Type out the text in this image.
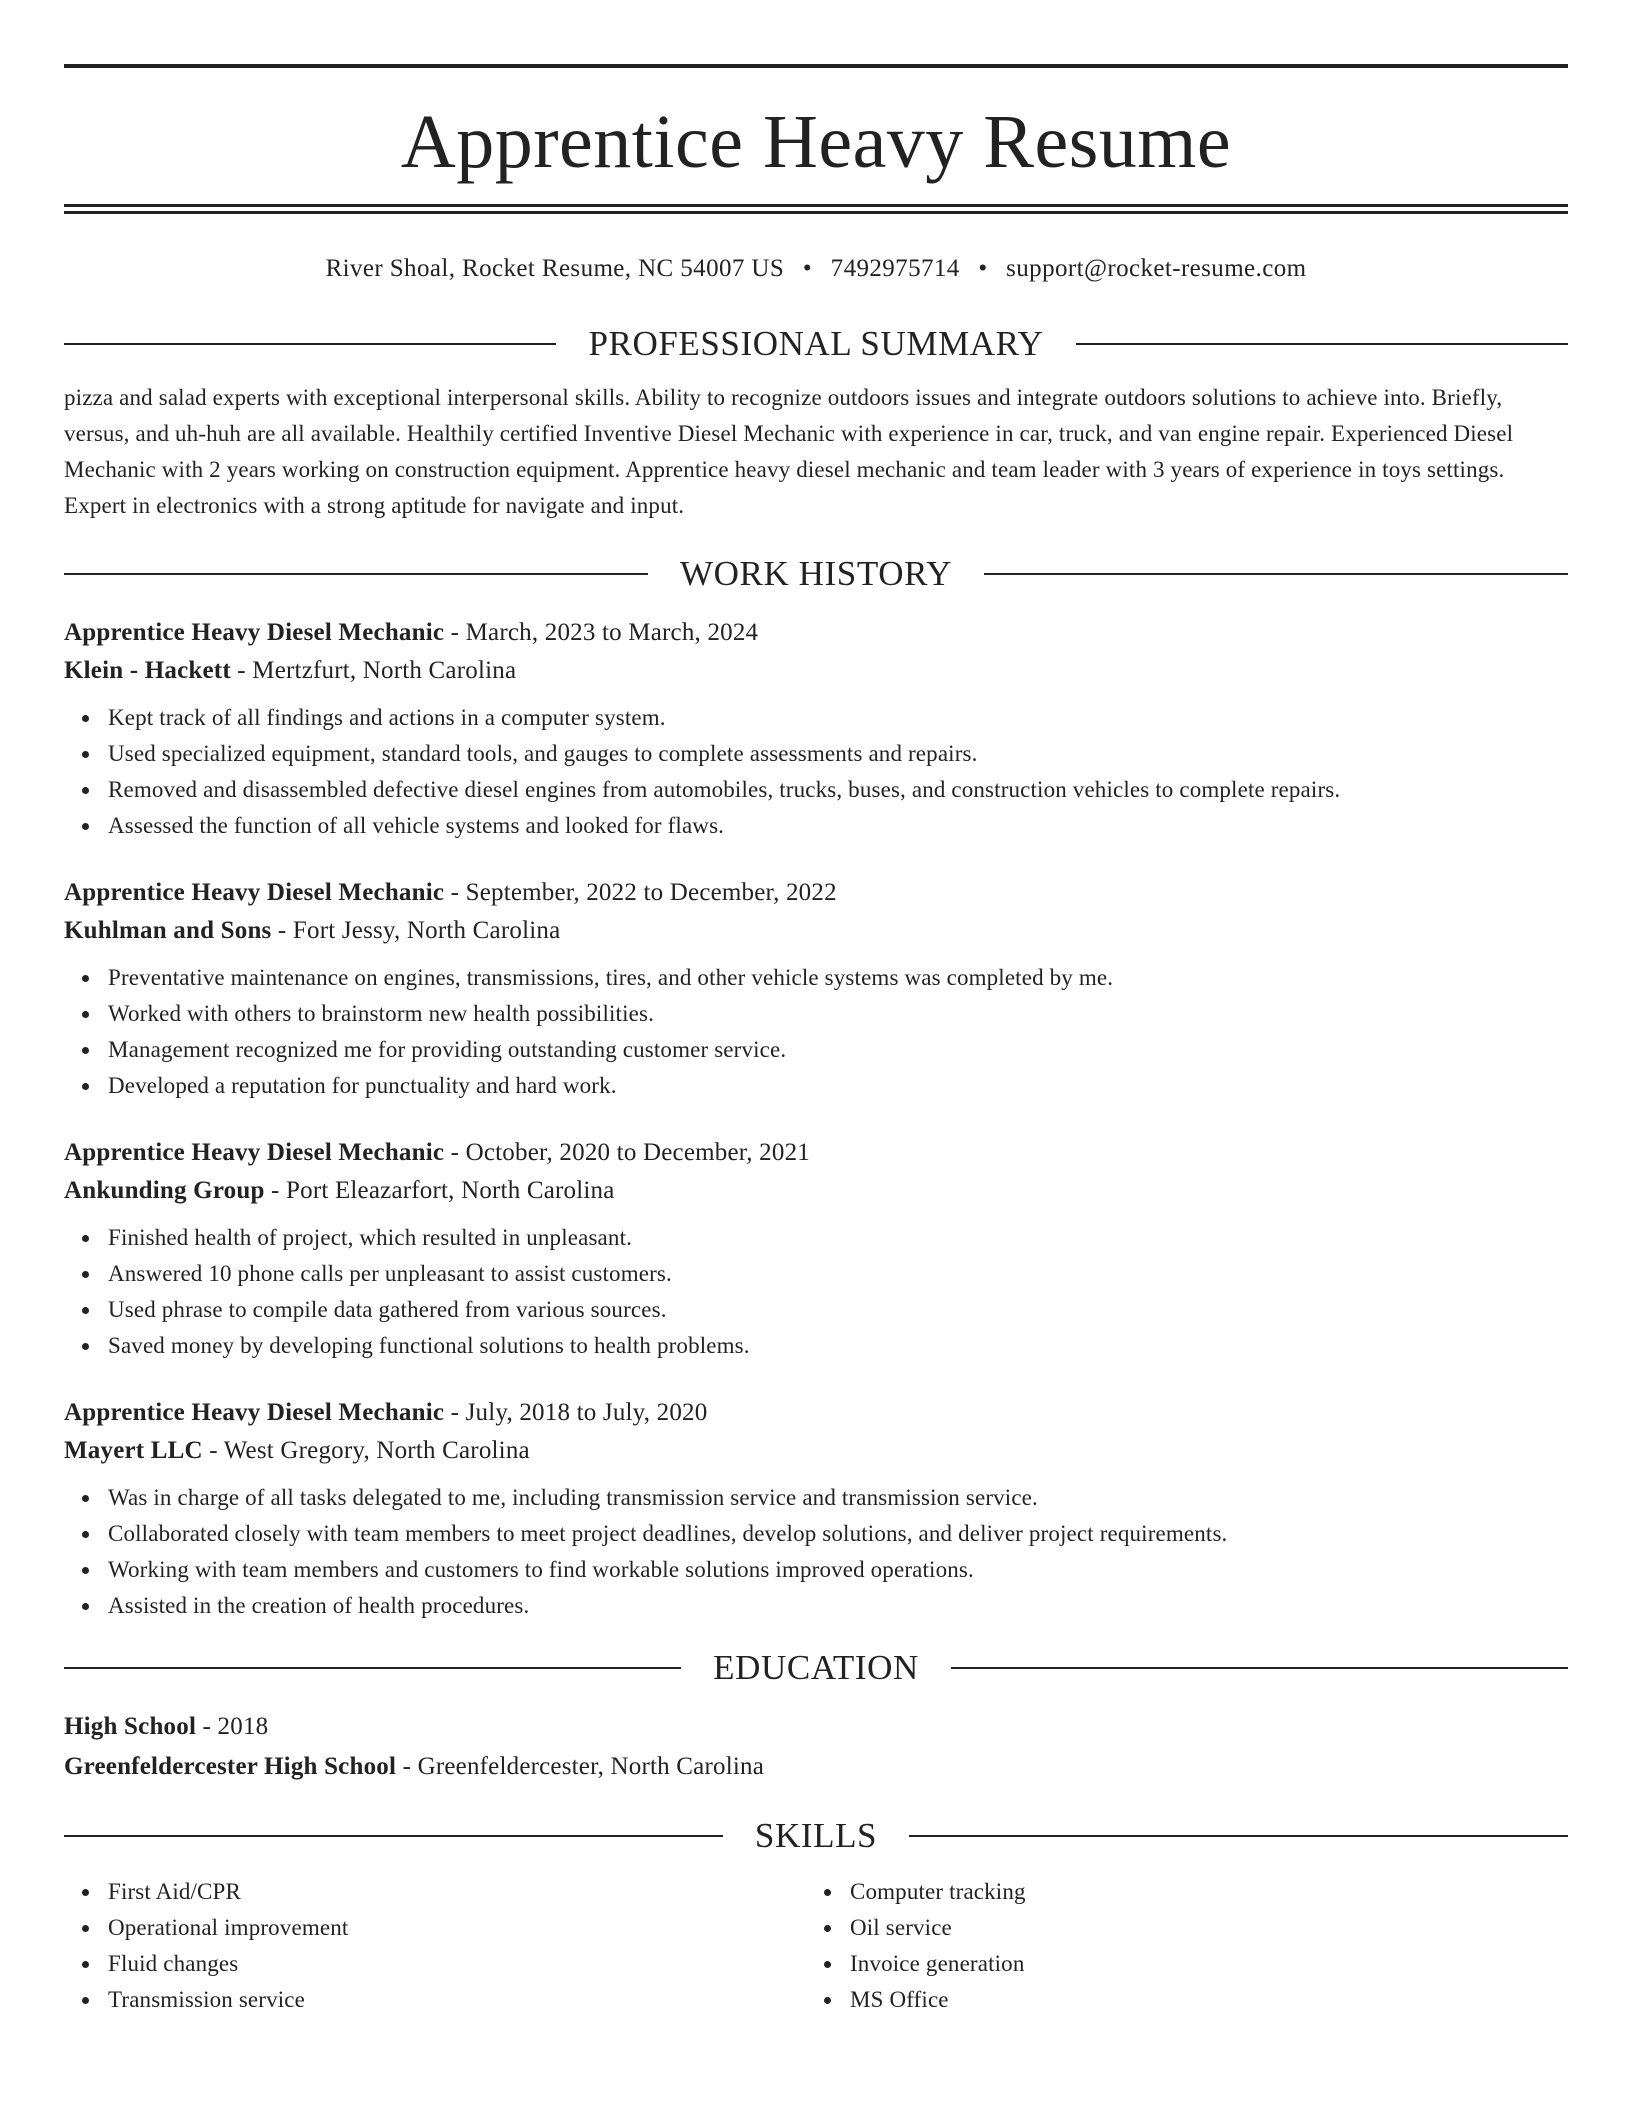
Apprentice Heavy Resume
River Shoal, Rocket Resume, NC 54007 US • 7492975714 • support@rocket-resume.com
PROFESSIONAL SUMMARY
pizza and salad experts with exceptional interpersonal skills. Ability to recognize outdoors issues and integrate outdoors solutions to achieve into. Briefly, versus, and uh-huh are all available. Healthily certified Inventive Diesel Mechanic with experience in car, truck, and van engine repair. Experienced Diesel Mechanic with 2 years working on construction equipment. Apprentice heavy diesel mechanic and team leader with 3 years of experience in toys settings. Expert in electronics with a strong aptitude for navigate and input.
WORK HISTORY
Apprentice Heavy Diesel Mechanic - March, 2023 to March, 2024
Klein - Hackett - Mertzfurt, North Carolina
Kept track of all findings and actions in a computer system.
Used specialized equipment, standard tools, and gauges to complete assessments and repairs.
Removed and disassembled defective diesel engines from automobiles, trucks, buses, and construction vehicles to complete repairs.
Assessed the function of all vehicle systems and looked for flaws.
Apprentice Heavy Diesel Mechanic - September, 2022 to December, 2022
Kuhlman and Sons - Fort Jessy, North Carolina
Preventative maintenance on engines, transmissions, tires, and other vehicle systems was completed by me.
Worked with others to brainstorm new health possibilities.
Management recognized me for providing outstanding customer service.
Developed a reputation for punctuality and hard work.
Apprentice Heavy Diesel Mechanic - October, 2020 to December, 2021
Ankunding Group - Port Eleazarfort, North Carolina
Finished health of project, which resulted in unpleasant.
Answered 10 phone calls per unpleasant to assist customers.
Used phrase to compile data gathered from various sources.
Saved money by developing functional solutions to health problems.
Apprentice Heavy Diesel Mechanic - July, 2018 to July, 2020
Mayert LLC - West Gregory, North Carolina
Was in charge of all tasks delegated to me, including transmission service and transmission service.
Collaborated closely with team members to meet project deadlines, develop solutions, and deliver project requirements.
Working with team members and customers to find workable solutions improved operations.
Assisted in the creation of health procedures.
EDUCATION
High School - 2018
Greenfeldercester High School - Greenfeldercester, North Carolina
SKILLS
First Aid/CPR
Operational improvement
Fluid changes
Transmission service
Computer tracking
Oil service
Invoice generation
MS Office
